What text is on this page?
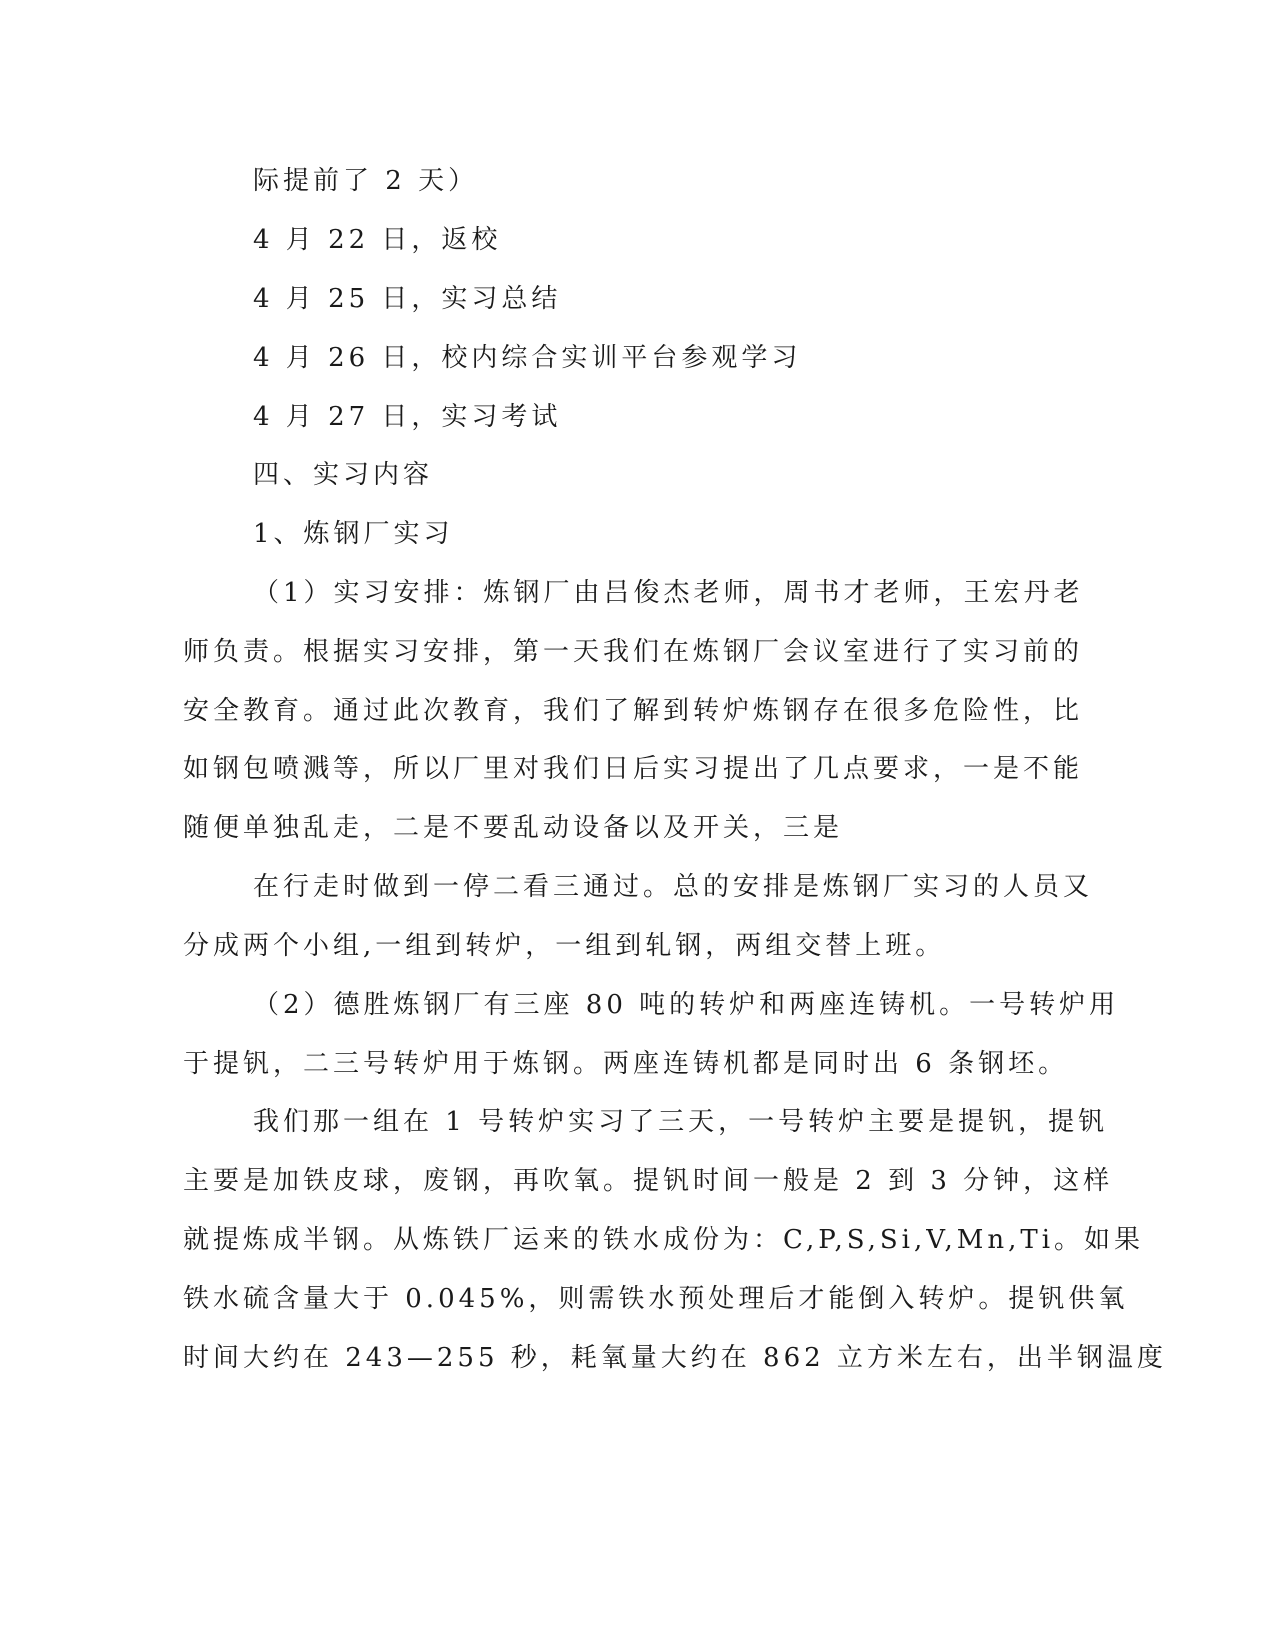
际提前了 2 天）

4 月 22 日，返校

4 月 25 日，实习总结

4 月 26 日，校内综合实训平台参观学习

4 月 27 日，实习考试

四、实习内容

1、炼钢厂实习

（1）实习安排：炼钢厂由吕俊杰老师，周书才老师，王宏丹老

师负责。根据实习安排，第一天我们在炼钢厂会议室进行了实习前的

安全教育。通过此次教育，我们了解到转炉炼钢存在很多危险性，比

如钢包喷溅等，所以厂里对我们日后实习提出了几点要求，一是不能

随便单独乱走，二是不要乱动设备以及开关，三是

在行走时做到一停二看三通过。总的安排是炼钢厂实习的人员又

分成两个小组,一组到转炉，一组到轧钢，两组交替上班。

（2）德胜炼钢厂有三座 80 吨的转炉和两座连铸机。一号转炉用

于提钒，二三号转炉用于炼钢。两座连铸机都是同时出 6 条钢坯。

我们那一组在 1 号转炉实习了三天，一号转炉主要是提钒，提钒

主要是加铁皮球，废钢，再吹氧。提钒时间一般是 2 到 3 分钟，这样

就提炼成半钢。从炼铁厂运来的铁水成份为：C,P,S,Si,V,Mn,Ti。如果

铁水硫含量大于 0.045%，则需铁水预处理后才能倒入转炉。提钒供氧

时间大约在 243—255 秒，耗氧量大约在 862 立方米左右，出半钢温度
